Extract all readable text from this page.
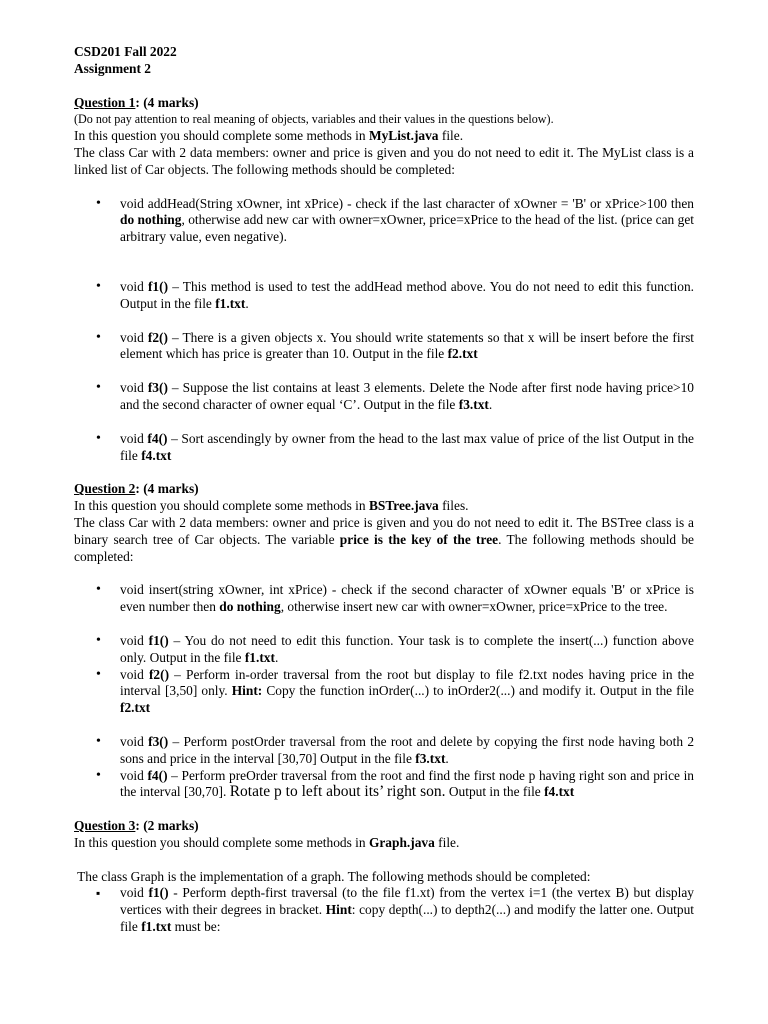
CSD201 Fall 2022
Assignment 2
Question 1: (4 marks)
(Do not pay attention to real meaning of objects, variables and their values in the questions below).
In this question you should complete some methods in MyList.java file.
The class Car with 2 data members: owner and price is given and you do not need to edit it. The MyList class is a linked list of Car objects. The following methods should be completed:
• void addHead(String xOwner, int xPrice) - check if the last character of xOwner = 'B' or xPrice>100 then do nothing, otherwise add new car with owner=xOwner, price=xPrice to the head of the list. (price can get arbitrary value, even negative).
• void f1() – This method is used to test the addHead method above. You do not need to edit this function. Output in the file f1.txt.
• void f2() – There is a given objects x. You should write statements so that x will be insert before the first element which has price is greater than 10. Output in the file f2.txt
• void f3() – Suppose the list contains at least 3 elements. Delete the Node after first node having price>10 and the second character of owner equal ‘C’. Output in the file f3.txt.
• void f4() – Sort ascendingly by owner from the head to the last max value of price of the list Output in the file f4.txt
Question 2: (4 marks)
In this question you should complete some methods in BSTree.java files.
The class Car with 2 data members: owner and price is given and you do not need to edit it. The BSTree class is a binary search tree of Car objects. The variable price is the key of the tree. The following methods should be completed:
• void insert(string xOwner, int xPrice) - check if the second character of xOwner equals 'B' or xPrice is even number then do nothing, otherwise insert new car with owner=xOwner, price=xPrice to the tree.
• void f1() – You do not need to edit this function. Your task is to complete the insert(...) function above only. Output in the file f1.txt.
• void f2() – Perform in-order traversal from the root but display to file f2.txt nodes having price in the interval [3,50] only. Hint: Copy the function inOrder(...) to inOrder2(...) and modify it. Output in the file f2.txt
• void f3() – Perform postOrder traversal from the root and delete by copying the first node having both 2 sons and price in the interval [30,70] Output in the file f3.txt.
• void f4() – Perform preOrder traversal from the root and find the first node p having right son and price in the interval [30,70]. Rotate p to left about its’ right son. Output in the file f4.txt
Question 3: (2 marks)
In this question you should complete some methods in Graph.java file.
The class Graph is the implementation of a graph. The following methods should be completed:
▪ void f1() - Perform depth-first traversal (to the file f1.xt) from the vertex i=1 (the vertex B) but display vertices with their degrees in bracket. Hint: copy depth(...) to depth2(...) and modify the latter one. Output file f1.txt must be:
